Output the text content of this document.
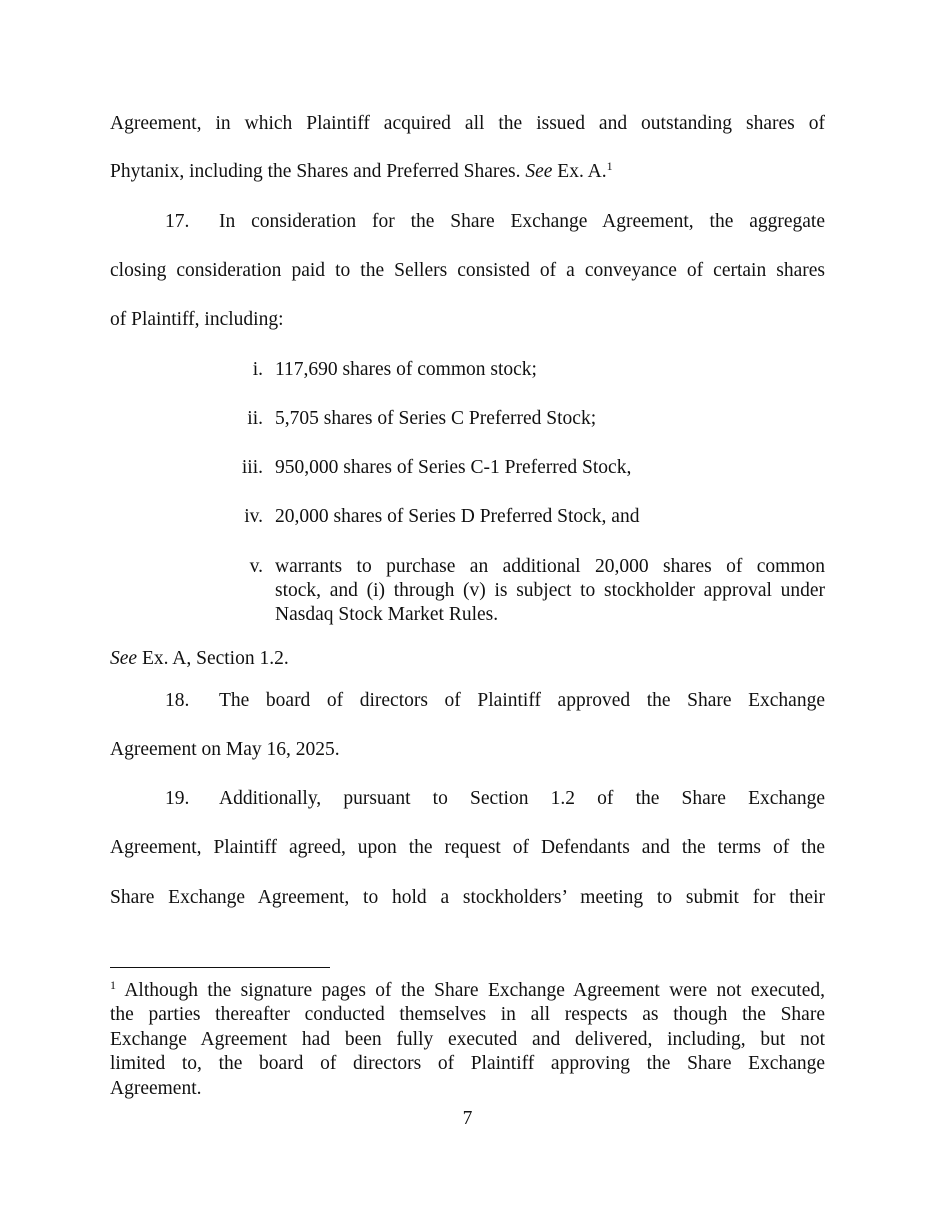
Agreement, in which Plaintiff acquired all the issued and outstanding shares of
Phytanix, including the Shares and Preferred Shares. See Ex. A.$^1$
17. In consideration for the Share Exchange Agreement, the aggregate
closing consideration paid to the Sellers consisted of a conveyance of certain shares
of Plaintiff, including:
i. 117,690 shares of common stock;
ii. 5,705 shares of Series C Preferred Stock;
iii. 950,000 shares of Series C-1 Preferred Stock,
iv. 20,000 shares of Series D Preferred Stock, and
v. warrants to purchase an additional 20,000 shares of common
stock, and (i) through (v) is subject to stockholder approval under
Nasdaq Stock Market Rules.
See Ex. A, Section 1.2.
18. The board of directors of Plaintiff approved the Share Exchange
Agreement on May 16, 2025.
19. Additionally, pursuant to Section 1.2 of the Share Exchange
Agreement, Plaintiff agreed, upon the request of Defendants and the terms of the
Share Exchange Agreement, to hold a stockholders’ meeting to submit for their
$^1$ Although the signature pages of the Share Exchange Agreement were not executed,
the parties thereafter conducted themselves in all respects as though the Share
Exchange Agreement had been fully executed and delivered, including, but not
limited to, the board of directors of Plaintiff approving the Share Exchange
Agreement.
7
